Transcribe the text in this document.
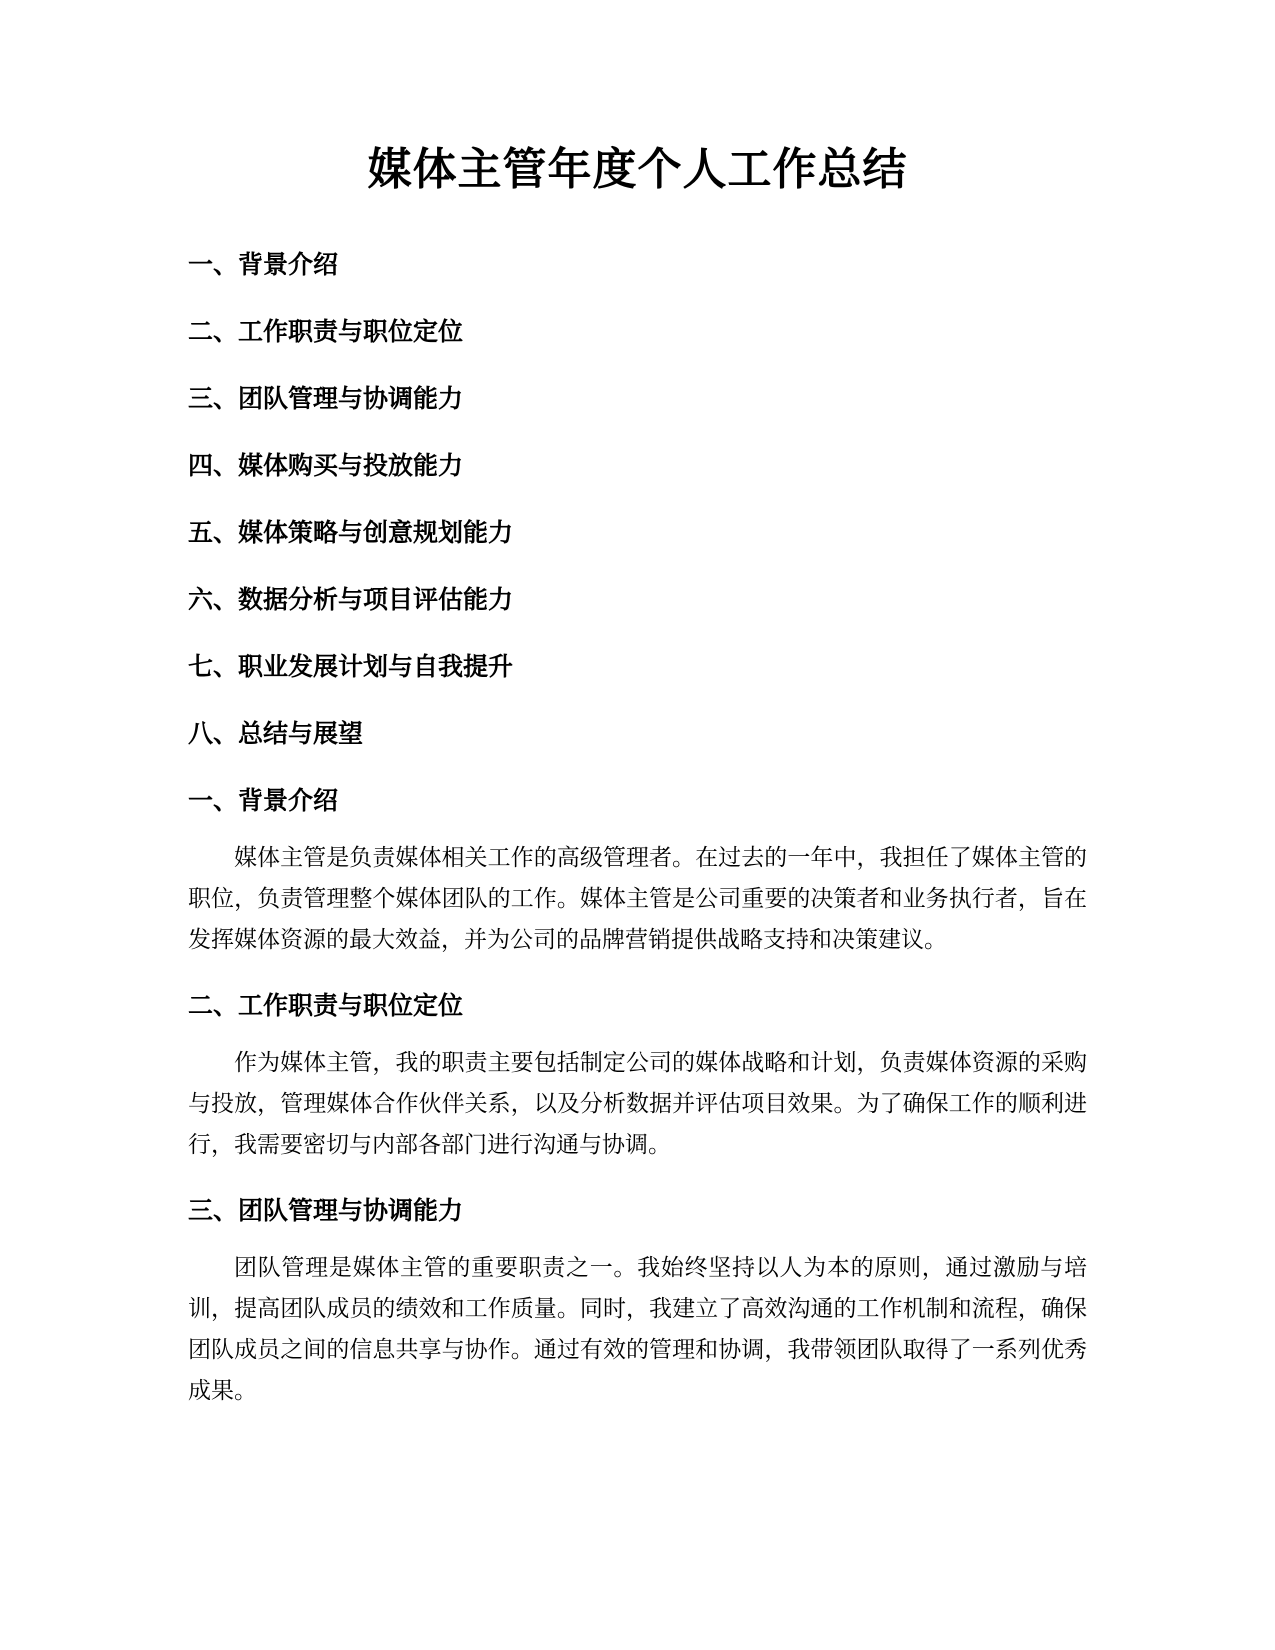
媒体主管年度个人工作总结
一、背景介绍
二、工作职责与职位定位
三、团队管理与协调能力
四、媒体购买与投放能力
五、媒体策略与创意规划能力
六、数据分析与项目评估能力
七、职业发展计划与自我提升
八、总结与展望
一、背景介绍

媒体主管是负责媒体相关工作的高级管理者。在过去的一年中，我担任了媒体主管的职位，负责管理整个媒体团队的工作。媒体主管是公司重要的决策者和业务执行者，旨在发挥媒体资源的最大效益，并为公司的品牌营销提供战略支持和决策建议。

二、工作职责与职位定位

作为媒体主管，我的职责主要包括制定公司的媒体战略和计划，负责媒体资源的采购与投放，管理媒体合作伙伴关系，以及分析数据并评估项目效果。为了确保工作的顺利进行，我需要密切与内部各部门进行沟通与协调。

三、团队管理与协调能力

团队管理是媒体主管的重要职责之一。我始终坚持以人为本的原则，通过激励与培训，提高团队成员的绩效和工作质量。同时，我建立了高效沟通的工作机制和流程，确保团队成员之间的信息共享与协作。通过有效的管理和协调，我带领团队取得了一系列优秀成果。
